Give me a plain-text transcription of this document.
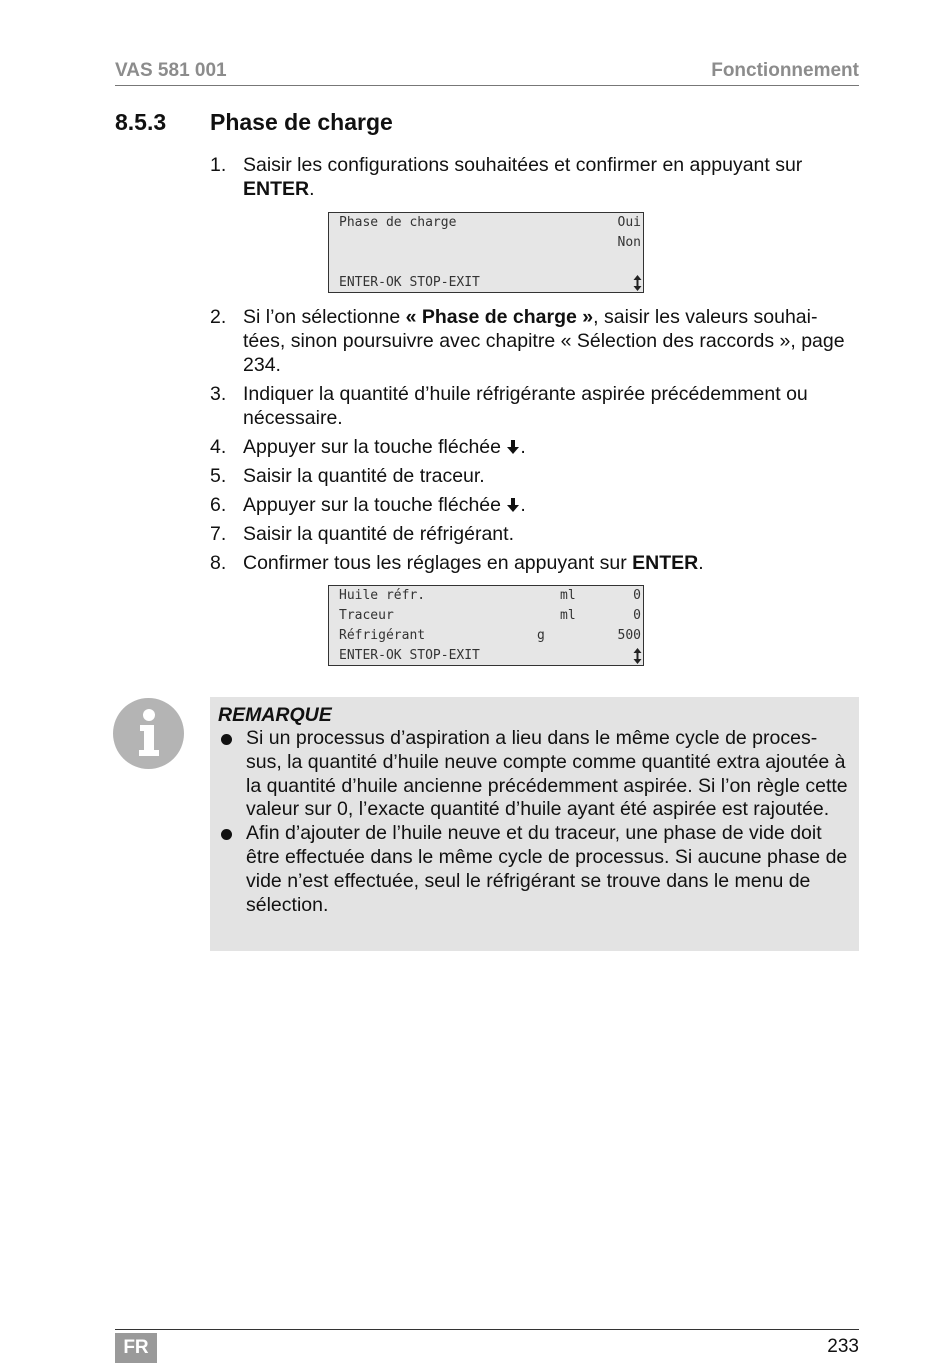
VAS 581 001	Fonctionnement
8.5.3 Phase de charge
1. Saisir les configurations souhaitées et confirmer en appuyant sur ENTER.
Phase de charge	Oui
Non
ENTER-OK STOP-EXIT
2. Si l’on sélectionne « Phase de charge », saisir les valeurs souhai-tées, sinon poursuivre avec chapitre « Sélection des raccords », page 234.
3. Indiquer la quantité d’huile réfrigérante aspirée précédemment ou nécessaire.
4. Appuyer sur la touche fléchée .
5. Saisir la quantité de traceur.
6. Appuyer sur la touche fléchée .
7. Saisir la quantité de réfrigérant.
8. Confirmer tous les réglages en appuyant sur ENTER.
Huile réfr.	ml	0
Traceur	ml	0
Réfrigérant	g	500
ENTER-OK STOP-EXIT
REMARQUE
Si un processus d’aspiration a lieu dans le même cycle de proces-sus, la quantité d’huile neuve compte comme quantité extra ajoutée à la quantité d’huile ancienne précédemment aspirée. Si l’on règle cette valeur sur 0, l’exacte quantité d’huile ayant été aspirée est rajoutée.
Afin d’ajouter de l’huile neuve et du traceur, une phase de vide doit être effectuée dans le même cycle de processus. Si aucune phase de vide n’est effectuée, seul le réfrigérant se trouve dans le menu de sélection.
FR	233
